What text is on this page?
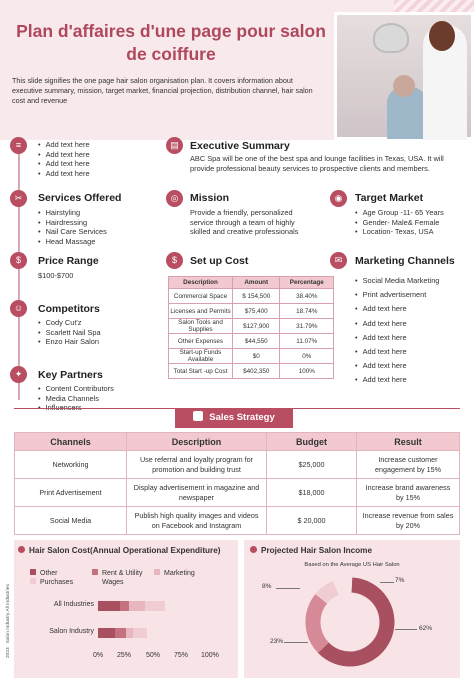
Plan d'affaires d'une page pour salon de coiffure
This slide signifies the one page hair salon organisation plan. It covers information about executive summary, mission, target market, financial projection, distribution channel, hair salon cost and revenue
≡	• Add text here
• Add text here
• Add text here
• Add text here
✂	Services Offered
• Hairstyling
• Hairdressing
• Nail Care Services
• Head Massage
$	Price Range
$100-$700
☺	Competitors
• Cody Cut'z
• Scarlett Nail Spa
• Enzo Hair Salon
✦	Key Partners
• Content Contributors
• Media Channels
•
▤	Executive Summary
ABC Spa will be one of the best spa and lounge facilities in Texas, USA. It will provide professional beauty services to prospective clients and members.
◎	Mission
Provide a friendly, personalized service through a team of highly skilled and creative professionals
$	Set up Cost
Description	Amount	Percentage
Commercial Space	$ 154,500	38.40%
Licenses and Permits	$75,400	18.74%
Salon Tools and Supplies	$127,900	31.79%
Other Expenses	$44,550	11.07%
Start-up Funds Available	$0	0%
Total Start -up Cost	$402,350	100%
◉	Target Market
• Age Group -11- 65 Years
• Gender- Male& Female
• Location- Texas, USA
✉	Marketing Channels
• Social Media Marketing
• Print advertisement
• Add text here
• Add text here
• Add text here
• Add text here
• Add text here
• Add text here
Sales Strategy
Channels	Description	Budget	Result
Networking	Use referral and loyalty program for promotion and building trust	$25,000	Increase customer engagement by 15%
Print Advertisement	Display advertisement in magazine and newspaper	$18,000	Increase brand awareness by 15%
Social Media	Publish high quality images and videos on Facebook and Instagram	$ 20,000	Increase revenue from sales by 20%
Hair Salon Cost(Annual Operational Expenditure)
Other	Rent & Utility	Marketing
Purchases	Wages
2023   Salon Industry All Industries	All Industries
Salon Industry
0% 25% 50% 75% 100%
Projected Hair Salon Income
Based on the Average US Hair Salon
7%
8%
62%
23%
